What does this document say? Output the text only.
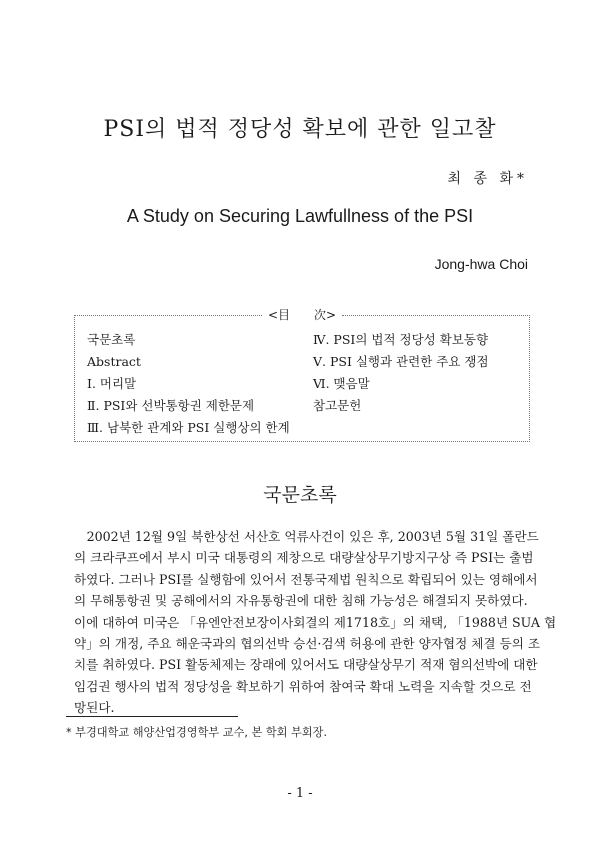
PSI의 법적 정당성 확보에 관한 일고찰
최 종 화*
A Study on Securing Lawfullness of the PSI
Jong-hwa Choi
<目　　次>
국문초록
Abstract
Ⅰ. 머리말
Ⅱ. PSI와 선박통항권 제한문제
Ⅲ. 남북한 관계와 PSI 실행상의 한계
Ⅳ. PSI의 법적 정당성 확보동향
Ⅴ. PSI 실행과 관련한 주요 쟁점
Ⅵ. 맺음말
참고문헌
국문초록
　2002년 12월 9일 북한상선 서산호 억류사건이 있은 후, 2003년 5월 31일 폴란드
의 크라쿠프에서 부시 미국 대통령의 제창으로 대량살상무기방지구상 즉 PSI는 출범
하였다. 그러나 PSI를 실행함에 있어서 전통국제법 원칙으로 확립되어 있는 영해에서
의 무해통항권 및 공해에서의 자유통항권에 대한 침해 가능성은 해결되지 못하였다.
이에 대하여 미국은 「유엔안전보장이사회결의 제1718호」의 채택, 「1988년 SUA 협
약」의 개정, 주요 해운국과의 협의선박 승선·검색 허용에 관한 양자협정 체결 등의 조
치를 취하였다. PSI 활동체제는 장래에 있어서도 대량살상무기 적재 혐의선박에 대한
임검권 행사의 법적 정당성을 확보하기 위하여 참여국 확대 노력을 지속할 것으로 전
망된다.
* 부경대학교 해양산업경영학부 교수, 본 학회 부회장.
- 1 -
